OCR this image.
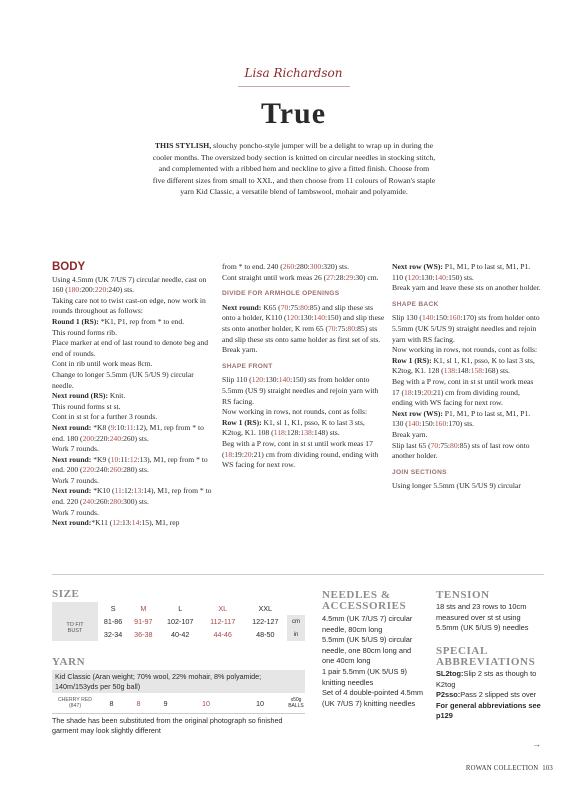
Lisa Richardson
True
THIS STYLISH, slouchy poncho-style jumper will be a delight to wrap up in during the cooler months. The oversized body section is knitted on circular needles in stocking stitch, and complemented with a ribbed hem and neckline to give a fitted finish. Choose from five different sizes from small to XXL, and then choose from 11 colours of Rowan's staple yarn Kid Classic, a versatile blend of lambswool, mohair and polyamide.
BODY

Using 4.5mm (UK 7/US 7) circular needle, cast on 160 (180:200:220:240) sts.
Taking care not to twist cast-on edge, now work in rounds throughout as follows:
Round 1 (RS): *K1, P1, rep from * to end.
This round forms rib.
Place marker at end of last round to denote beg and end of rounds.
Cont in rib until work meas 8cm.
Change to longer 5.5mm (UK 5/US 9) circular needle.
Next round (RS): Knit.
This round forms st st.
Cont in st st for a further 3 rounds.
Next round: *K8 (9:10:11:12), M1, rep from * to end. 180 (200:220:240:260) sts.
Work 7 rounds.
Next round: *K9 (10:11:12:13), M1, rep from * to end. 200 (220:240:260:280) sts.
Work 7 rounds.
Next round: *K10 (11:12:13:14), M1, rep from * to end. 220 (240:260:280:300) sts.
Work 7 rounds.
Next round:*K11 (12:13:14:15), M1, rep

from * to end. 240 (260:280:300:320) sts.
Cont straight until work meas 26 (27:28:29:30) cm.

DIVIDE FOR ARMHOLE OPENINGS

Next round: K65 (70:75:80:85) and slip these sts onto a holder, K110 (120:130:140:150) and slip these sts onto another holder, K rem 65 (70:75:80:85) sts and slip these sts onto same holder as first set of sts.
Break yarn.

SHAPE FRONT

Slip 110 (120:130:140:150) sts from holder onto 5.5mm (US 9) straight needles and rejoin yarn with RS facing.
Now working in rows, not rounds, cont as folls:
Row 1 (RS): K1, sl 1, K1, psso, K to last 3 sts, K2tog, K1. 108 (118:128:138:148) sts.
Beg with a P row, cont in st st until work meas 17 (18:19:20:21) cm from dividing round, ending with WS facing for next row.

Next row (WS): P1, M1, P to last st, M1, P1. 110 (120:130:140:150) sts.
Break yarn and leave these sts on another holder.

SHAPE BACK

Slip 130 (140:150:160:170) sts from holder onto 5.5mm (UK 5/US 9) straight needles and rejoin yarn with RS facing.
Now working in rows, not rounds, cont as folls:
Row 1 (RS): K1, sl 1, K1, psso, K to last 3 sts, K2tog, K1. 128 (138:148:158:168) sts.
Beg with a P row, cont in st st until work meas 17 (18:19:20:21) cm from dividing round, ending with WS facing for next row.
Next row (WS): P1, M1, P to last st, M1, P1. 130 (140:150:160:170) sts.
Break yarn.
Slip last 65 (70:75:80:85) sts of last row onto another holder.

JOIN SECTIONS

Using longer 5.5mm (UK 5/US 9) circular

SIZE
	S	M	L	XL	XXL	
TO FIT
BUST	81-86	91-97	102-107	112-117	122-127	cm
	32-34	36-38	40-42	44-46	48-50	in
YARN
Kid Classic (Aran weight; 70% wool, 22% mohair, 8% polyamide; 140m/153yds per 50g ball)
CHERRY RED
(847)	8	8	9	10	10	x50g
BALLS
The shade has been substituted from the original photograph so finished garment may look slightly different
NEEDLES &
ACCESSORIES
4.5mm (UK 7/US 7) circular needle, 80cm long
5.5mm (UK 5/US 9) circular needle, one 80cm long and one 40cm long
1 pair 5.5mm (UK 5/US 9) knitting needles
Set of 4 double-pointed 4.5mm (UK 7/US 7) knitting needles
TENSION
18 sts and 23 rows to 10cm measured over st st using 5.5mm (UK 5/US 9) needles
SPECIAL
ABBREVIATIONS
SL2tog:Slip 2 sts as though to K2tog
P2sso:Pass 2 slipped sts over
For general abbreviations see p129
→
ROWAN COLLECTION 103
